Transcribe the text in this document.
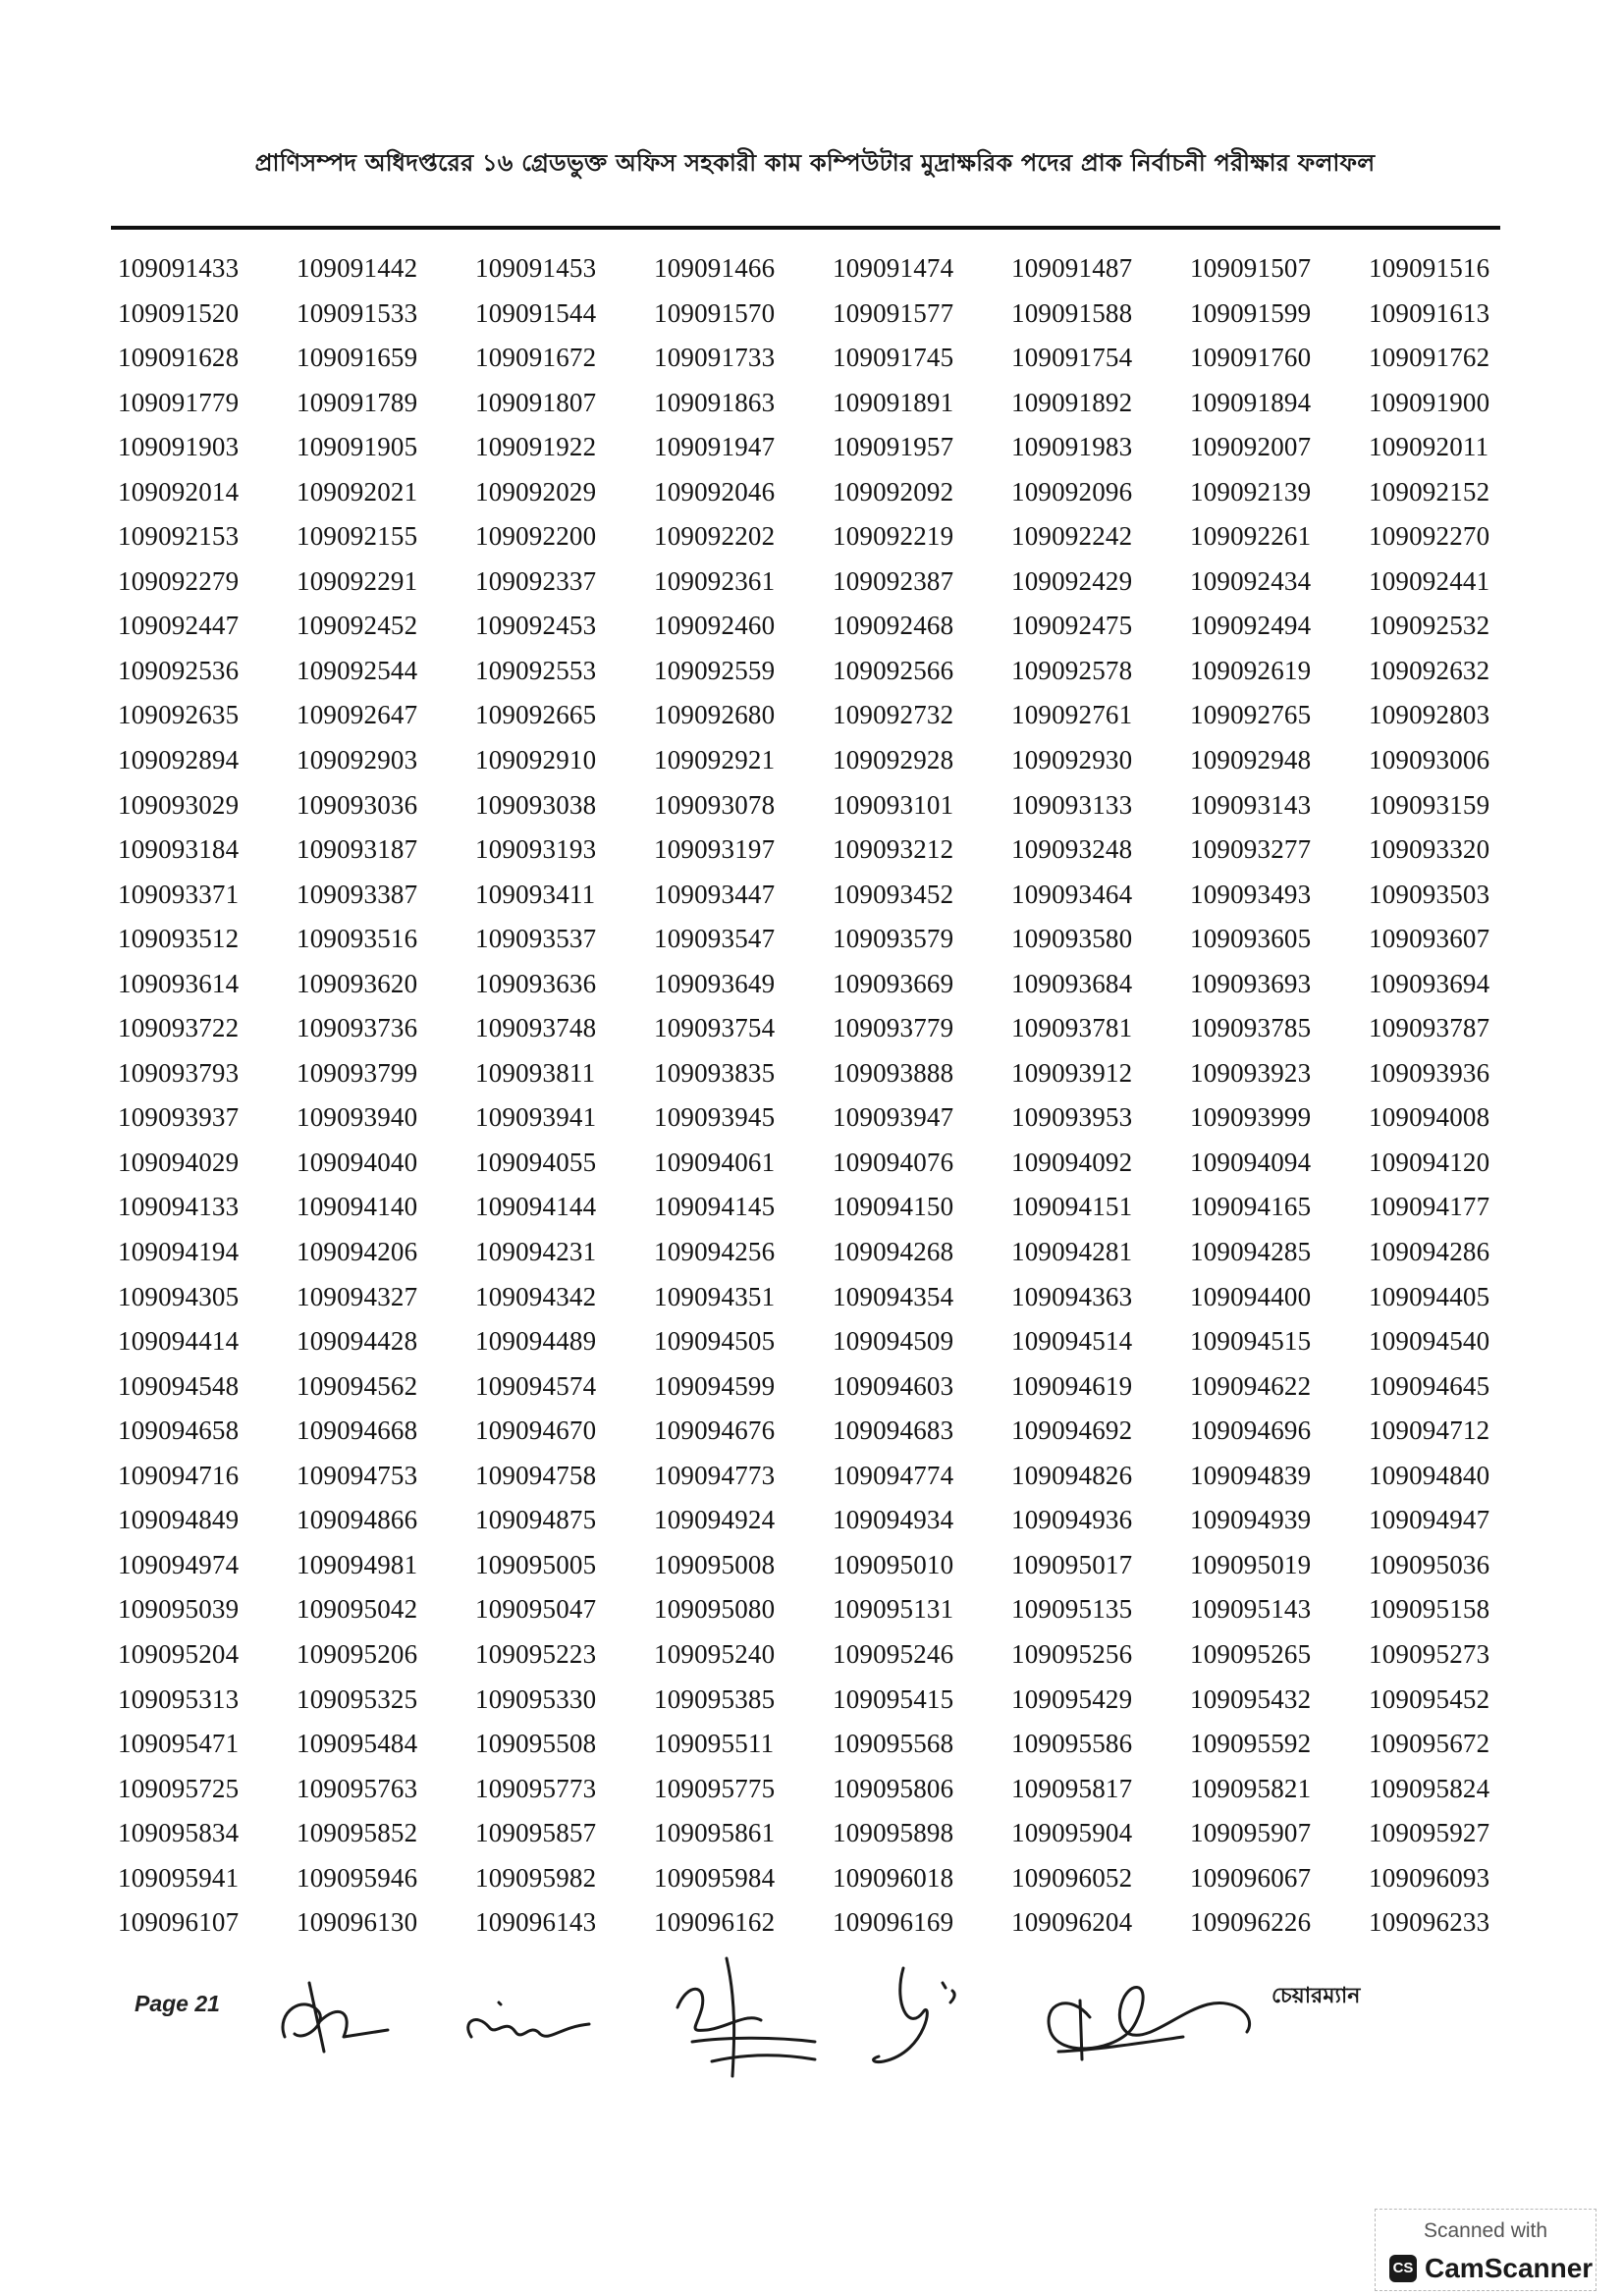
প্রাণিসম্পদ অধিদপ্তরের ১৬ গ্রেডভুক্ত অফিস সহকারী কাম কম্পিউটার মুদ্রাক্ষরিক পদের প্রাক নির্বাচনী পরীক্ষার ফলাফল
109091433	109091442	109091453	109091466	109091474	109091487	109091507	109091516
109091520	109091533	109091544	109091570	109091577	109091588	109091599	109091613
109091628	109091659	109091672	109091733	109091745	109091754	109091760	109091762
109091779	109091789	109091807	109091863	109091891	109091892	109091894	109091900
109091903	109091905	109091922	109091947	109091957	109091983	109092007	109092011
109092014	109092021	109092029	109092046	109092092	109092096	109092139	109092152
109092153	109092155	109092200	109092202	109092219	109092242	109092261	109092270
109092279	109092291	109092337	109092361	109092387	109092429	109092434	109092441
109092447	109092452	109092453	109092460	109092468	109092475	109092494	109092532
109092536	109092544	109092553	109092559	109092566	109092578	109092619	109092632
109092635	109092647	109092665	109092680	109092732	109092761	109092765	109092803
109092894	109092903	109092910	109092921	109092928	109092930	109092948	109093006
109093029	109093036	109093038	109093078	109093101	109093133	109093143	109093159
109093184	109093187	109093193	109093197	109093212	109093248	109093277	109093320
109093371	109093387	109093411	109093447	109093452	109093464	109093493	109093503
109093512	109093516	109093537	109093547	109093579	109093580	109093605	109093607
109093614	109093620	109093636	109093649	109093669	109093684	109093693	109093694
109093722	109093736	109093748	109093754	109093779	109093781	109093785	109093787
109093793	109093799	109093811	109093835	109093888	109093912	109093923	109093936
109093937	109093940	109093941	109093945	109093947	109093953	109093999	109094008
109094029	109094040	109094055	109094061	109094076	109094092	109094094	109094120
109094133	109094140	109094144	109094145	109094150	109094151	109094165	109094177
109094194	109094206	109094231	109094256	109094268	109094281	109094285	109094286
109094305	109094327	109094342	109094351	109094354	109094363	109094400	109094405
109094414	109094428	109094489	109094505	109094509	109094514	109094515	109094540
109094548	109094562	109094574	109094599	109094603	109094619	109094622	109094645
109094658	109094668	109094670	109094676	109094683	109094692	109094696	109094712
109094716	109094753	109094758	109094773	109094774	109094826	109094839	109094840
109094849	109094866	109094875	109094924	109094934	109094936	109094939	109094947
109094974	109094981	109095005	109095008	109095010	109095017	109095019	109095036
109095039	109095042	109095047	109095080	109095131	109095135	109095143	109095158
109095204	109095206	109095223	109095240	109095246	109095256	109095265	109095273
109095313	109095325	109095330	109095385	109095415	109095429	109095432	109095452
109095471	109095484	109095508	109095511	109095568	109095586	109095592	109095672
109095725	109095763	109095773	109095775	109095806	109095817	109095821	109095824
109095834	109095852	109095857	109095861	109095898	109095904	109095907	109095927
109095941	109095946	109095982	109095984	109096018	109096052	109096067	109096093
109096107	109096130	109096143	109096162	109096169	109096204	109096226	109096233
Page 21	চেয়ারম্যান
Scanned with
CS CamScanner
